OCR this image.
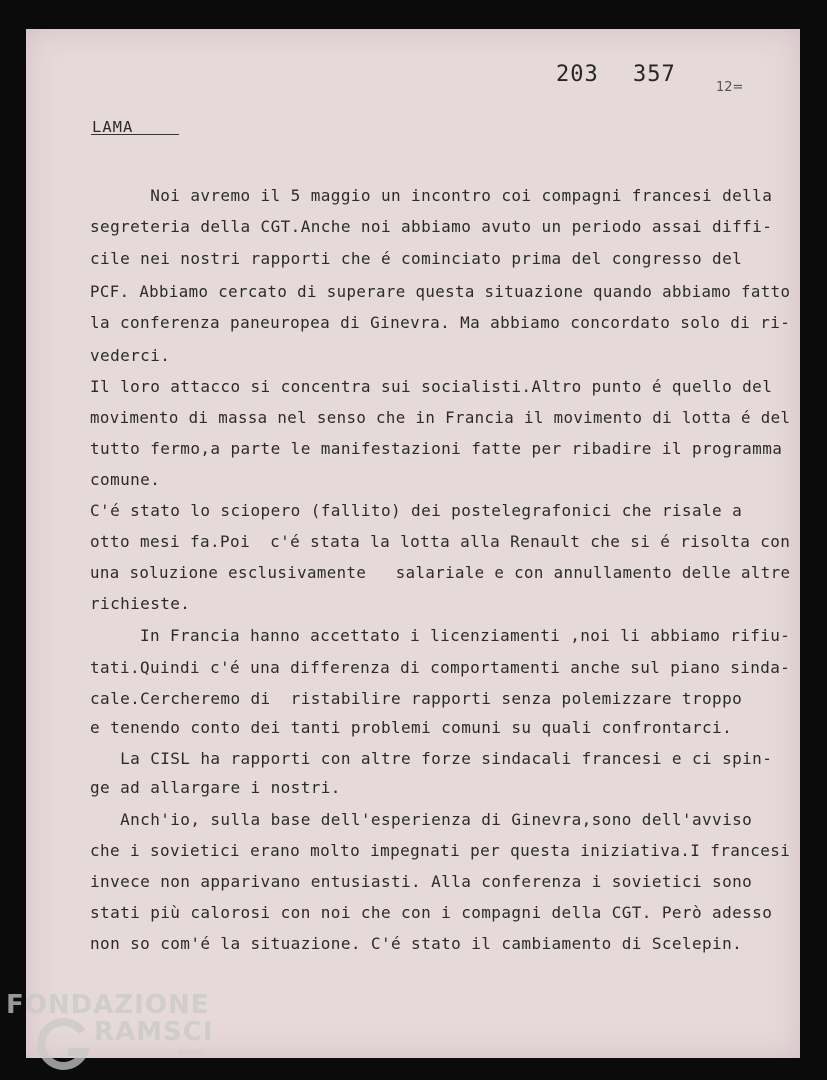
203 357
12=
LAMA
Noi avremo il 5 maggio un incontro coi compagni francesi della
segreteria della CGT.Anche noi abbiamo avuto un periodo assai diffi-
cile nei nostri rapporti che é cominciato prima del congresso del
PCF. Abbiamo cercato di superare questa situazione quando abbiamo fatto
la conferenza paneuropea di Ginevra. Ma abbiamo concordato solo di ri-
vederci.
Il loro attacco si concentra sui socialisti.Altro punto é quello del
movimento di massa nel senso che in Francia il movimento di lotta é del
tutto fermo,a parte le manifestazioni fatte per ribadire il programma
comune.
C'é stato lo sciopero (fallito) dei postelegrafonici che risale a
otto mesi fa.Poi  c'é stata la lotta alla Renault che si é risolta con
una soluzione esclusivamente   salariale e con annullamento delle altre
richieste.
In Francia hanno accettato i licenziamenti ,noi li abbiamo rifiu-
tati.Quindi c'é una differenza di comportamenti anche sul piano sinda-
cale.Cercheremo di  ristabilire rapporti senza polemizzare troppo
e tenendo conto dei tanti problemi comuni su quali confrontarci.
La CISL ha rapporti con altre forze sindacali francesi e ci spin-
ge ad allargare i nostri.
Anch'io, sulla base dell'esperienza di Ginevra,sono dell'avviso
che i sovietici erano molto impegnati per questa iniziativa.I francesi
invece non apparivano entusiasti. Alla conferenza i sovietici sono
stati più calorosi con noi che con i compagni della CGT. Però adesso
non so com'é la situazione. C'é stato il cambiamento di Scelepin.
FONDAZIONE
RAMSCI
onlus
